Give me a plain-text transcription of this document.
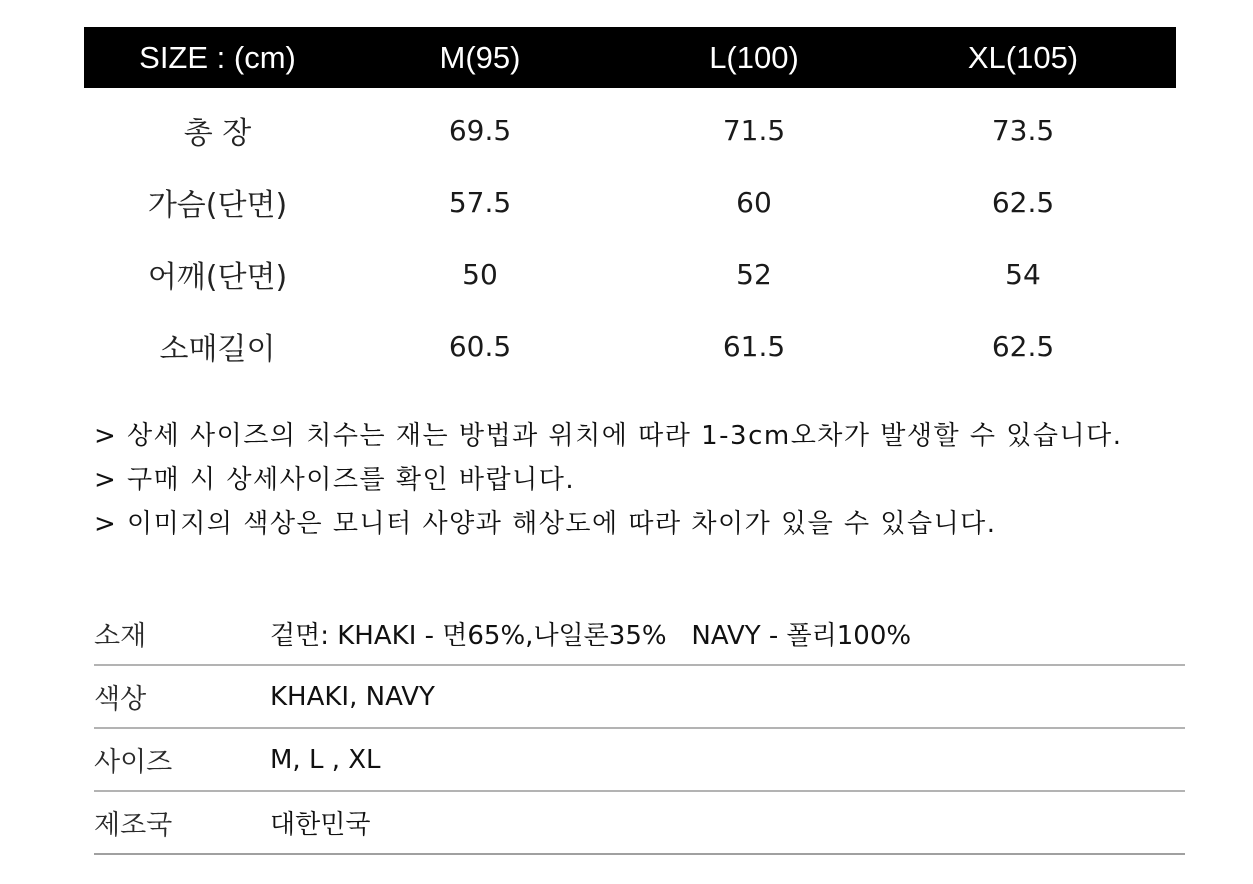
SIZE : (cm)	M(95)	L(100)	XL(105)
총 장	69.5	71.5	73.5
가슴(단면)	57.5	60	62.5
어깨(단면)	50	52	54
소매길이	60.5	61.5	62.5
> 상세 사이즈의 치수는 재는 방법과 위치에 따라 1-3cm오차가 발생할 수 있습니다.
> 구매 시 상세사이즈를 확인 바랍니다.
> 이미지의 색상은 모니터 사양과 해상도에 따라 차이가 있을 수 있습니다.
소재	겉면: KHAKI - 면65%,나일론35%   NAVY - 폴리100%
색상	KHAKI, NAVY
사이즈	M, L , XL
제조국	대한민국
